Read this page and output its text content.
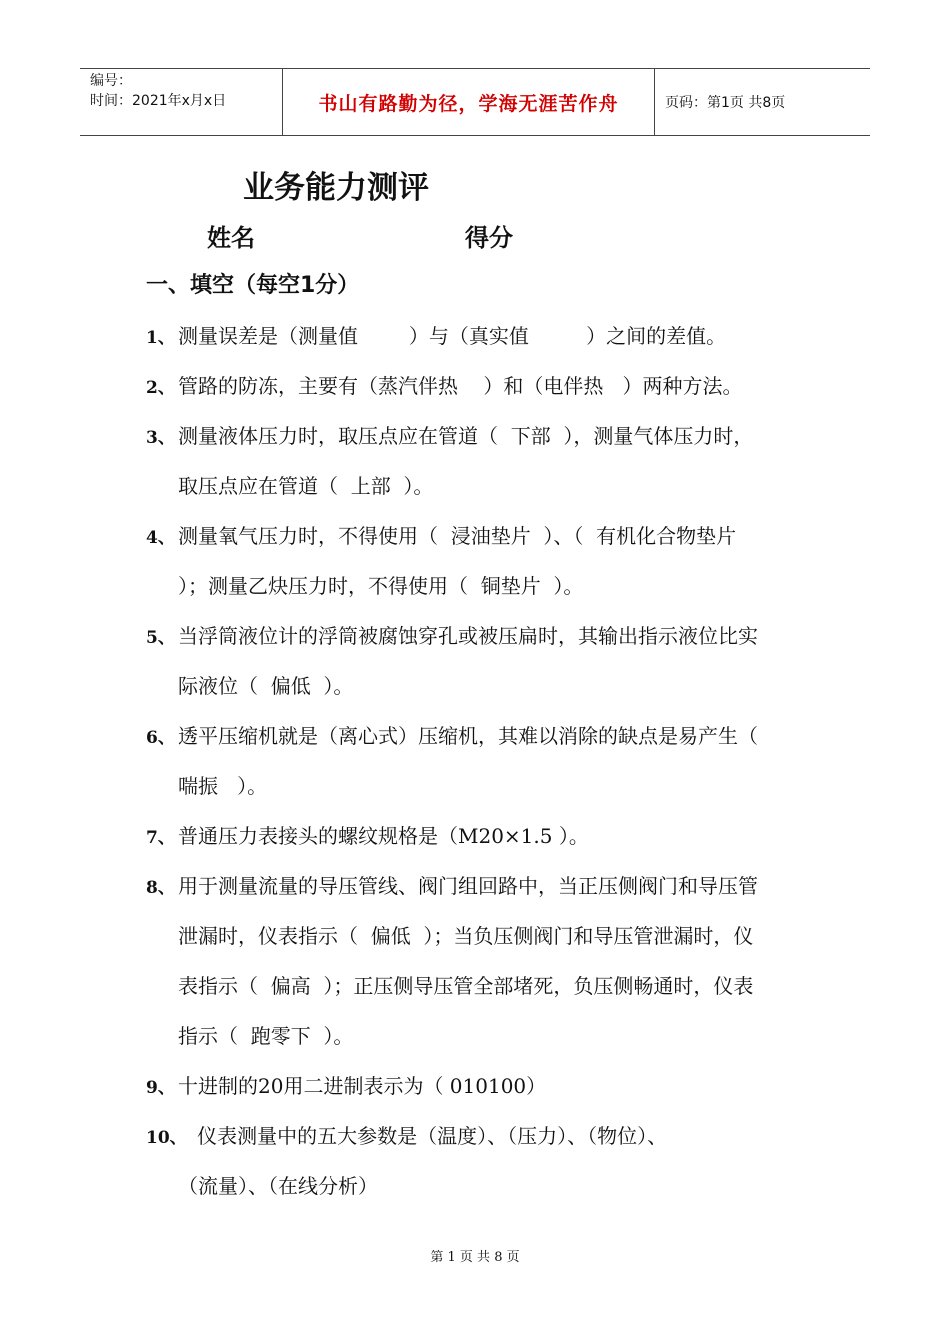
编号：
时间：2021年x月x日	书山有路勤为径，学海无涯苦作舟	页码：第1页 共8页
业务能力测评
姓名	得分
一、填空（每空1分）
1、 测量误差是（测量值        ）与（真实值         ）之间的差值。
2、 管路的防冻，主要有（蒸汽伴热    ）和（电伴热   ）两种方法。
3、 测量液体压力时，取压点应在管道（  下部  ），测量气体压力时，
取压点应在管道（  上部  ）。
4、 测量氧气压力时，不得使用（  浸油垫片  ）、（  有机化合物垫片
）；测量乙炔压力时，不得使用（  铜垫片  ）。
5、 当浮筒液位计的浮筒被腐蚀穿孔或被压扁时，其输出指示液位比实
际液位（  偏低  ）。
6、 透平压缩机就是（离心式）压缩机，其难以消除的缺点是易产生（
喘振   ）。
7、 普通压力表接头的螺纹规格是（M20×1.5 ）。
8、 用于测量流量的导压管线、阀门组回路中，当正压侧阀门和导压管
泄漏时，仪表指示（  偏低  ）；当负压侧阀门和导压管泄漏时，仪
表指示（  偏高  ）；正压侧导压管全部堵死，负压侧畅通时，仪表
指示（  跑零下  ）。
9、 十进制的20用二进制表示为（ 010100）
10、
仪表测量中的五大参数是（温度）、（压力）、（物位）、
（流量）、（在线分析）
第 1 页 共 8 页
